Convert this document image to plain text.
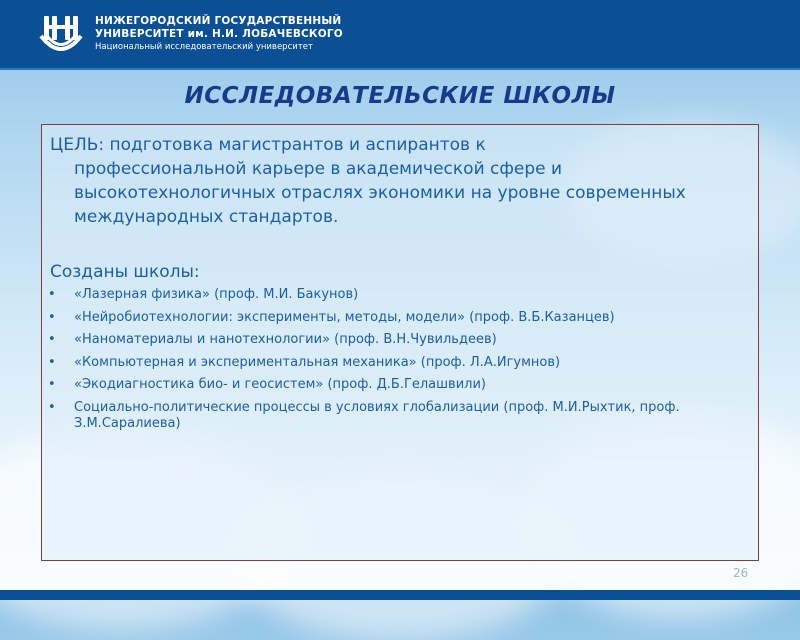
НИЖЕГОРОДСКИЙ ГОСУДАРСТВЕННЫЙ
УНИВЕРСИТЕТ им. Н.И. ЛОБАЧЕВСКОГО
Национальный исследовательский университет
ИССЛЕДОВАТЕЛЬСКИЕ ШКОЛЫ
ЦЕЛЬ: подготовка магистрантов и аспирантов к
профессиональной карьере в академической сфере и высокотехнологичных отраслях экономики на уровне современных международных стандартов.
Созданы школы:
• «Лазерная физика» (проф. М.И. Бакунов)
• «Нейробиотехнологии: эксперименты, методы, модели» (проф. В.Б.Казанцев)
• «Наноматериалы и нанотехнологии» (проф. В.Н.Чувильдеев)
• «Компьютерная и экспериментальная механика» (проф. Л.А.Игумнов)
• «Экодиагностика био- и геосистем» (проф. Д.Б.Гелашвили)
• Социально-политические процессы в условиях глобализации (проф. М.И.Рыхтик, проф. З.М.Саралиева)
26
